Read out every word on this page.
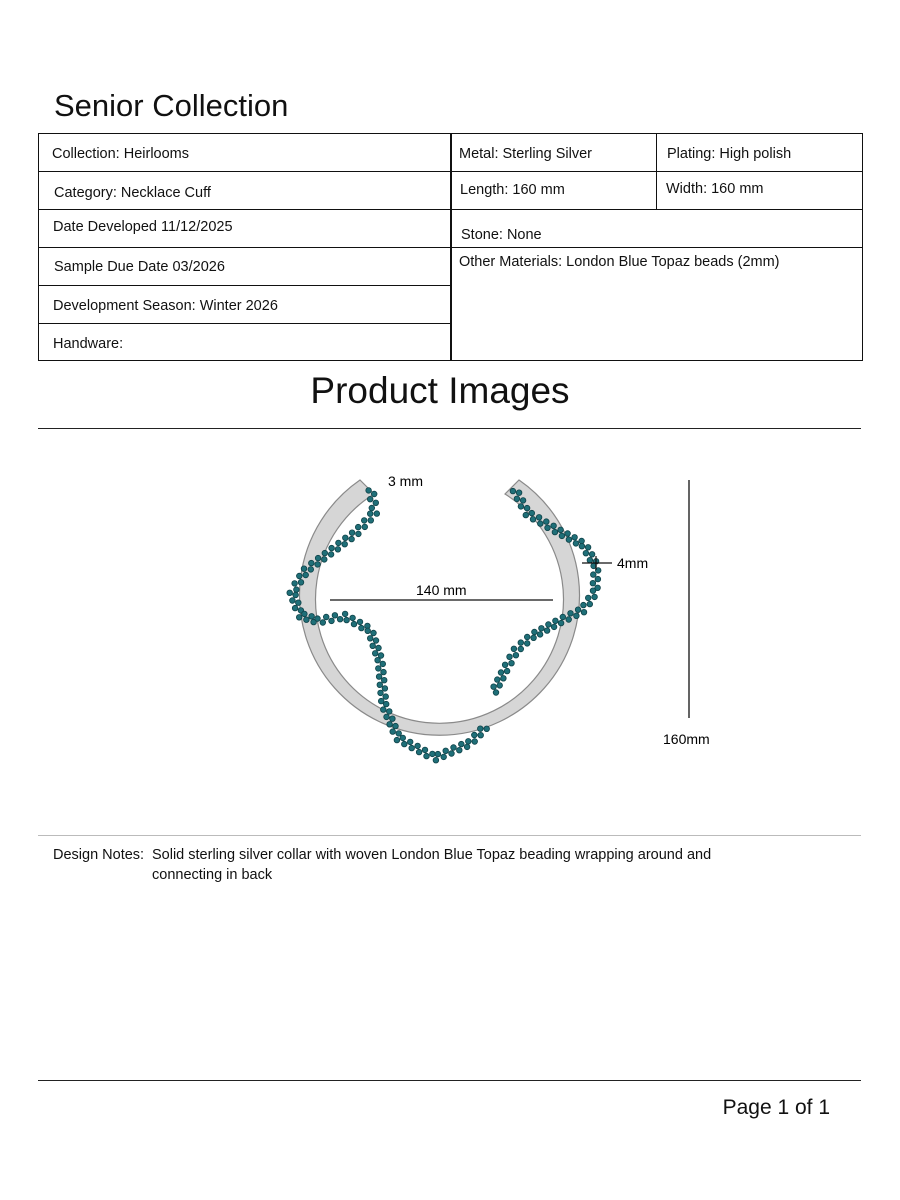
Senior Collection
Collection: Heirlooms
Category: Necklace Cuff
Date Developed 11/12/2025
Sample Due Date 03/2026
Development Season: Winter 2026
Handware:
Metal: Sterling Silver	Plating: High polish
Length: 160 mm	Width: 160 mm
Stone: None
Other Materials: London Blue Topaz beads (2mm)
Product Images
3 mm
140 mm
4mm
160mm
Design Notes: Solid sterling silver collar with woven London Blue Topaz beading wrapping around and
connecting in back
Page 1 of 1
